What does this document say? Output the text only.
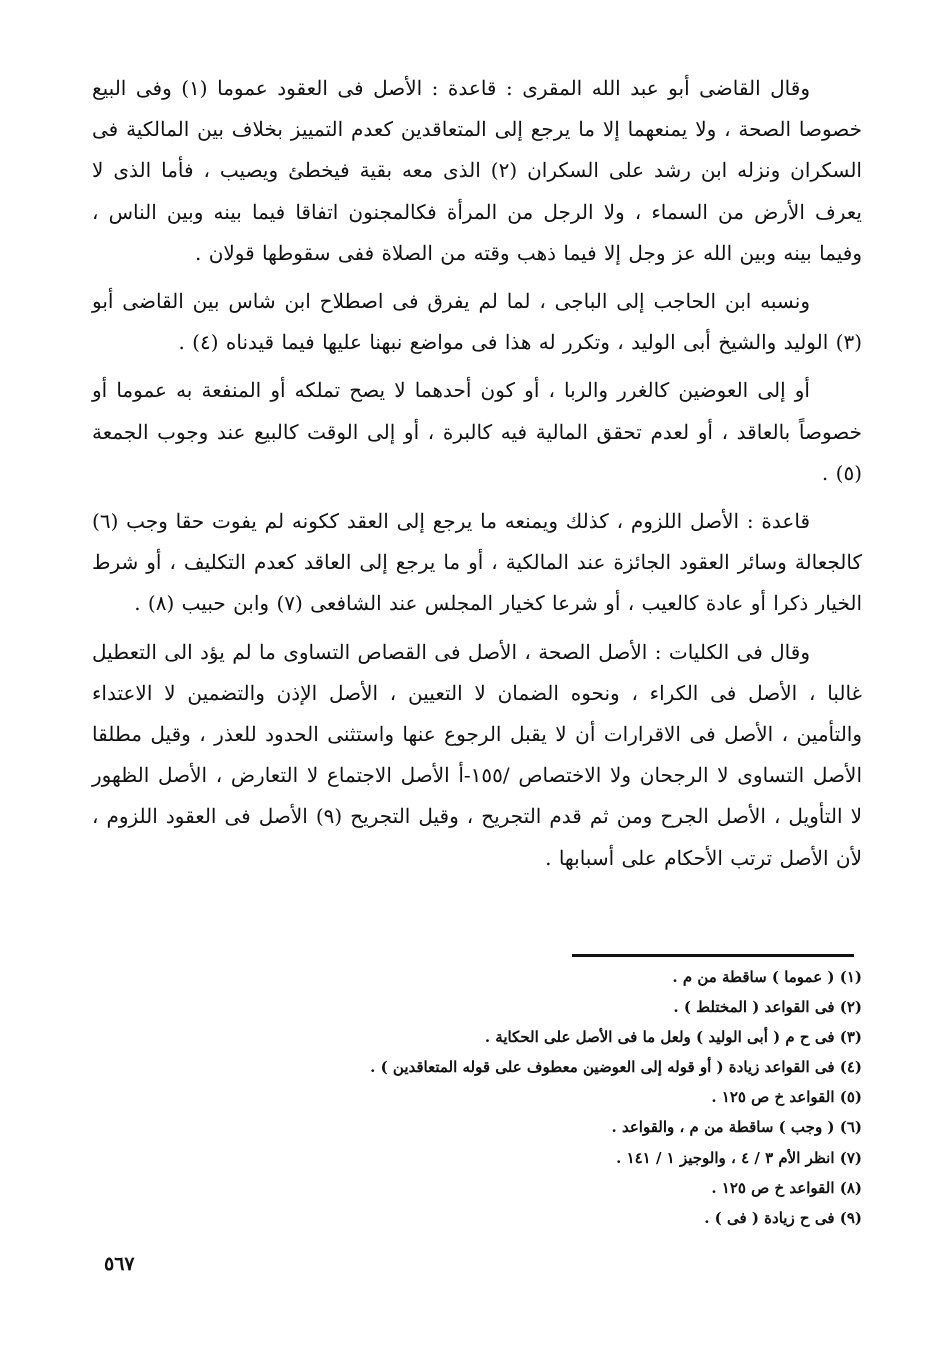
وقال القاضى أبو عبد الله المقرى : قاعدة : الأصل فى العقود عموما (١) وفى البيع خصوصا الصحة ، ولا يمنعهما إلا ما يرجع إلى المتعاقدين كعدم التمييز بخلاف بين المالكية فى السكران ونزله ابن رشد على السكران (٢) الذى معه بقية فيخطئ ويصيب ، فأما الذى لا يعرف الأرض من السماء ، ولا الرجل من المرأة فكالمجنون اتفاقا فيما بينه وبين الناس ، وفيما بينه وبين الله عز وجل إلا فيما ذهب وقته من الصلاة ففى سقوطها قولان .

ونسبه ابن الحاجب إلى الباجى ، لما لم يفرق فى اصطلاح ابن شاس بين القاضى أبو (٣) الوليد والشيخ أبى الوليد ، وتكرر له هذا فى مواضع نبهنا عليها فيما قيدناه (٤) .

أو إلى العوضين كالغرر والربا ، أو كون أحدهما لا يصح تملكه أو المنفعة به عموما أو خصوصاً بالعاقد ، أو لعدم تحقق المالية فيه كالبرة ، أو إلى الوقت كالبيع عند وجوب الجمعة (٥) .

قاعدة : الأصل اللزوم ، كذلك ويمنعه ما يرجع إلى العقد ككونه لم يفوت حقا وجب (٦) كالجعالة وسائر العقود الجائزة عند المالكية ، أو ما يرجع إلى العاقد كعدم التكليف ، أو شرط الخيار ذكرا أو عادة كالعيب ، أو شرعا كخيار المجلس عند الشافعى (٧) وابن حبيب (٨) .

وقال فى الكليات : الأصل الصحة ، الأصل فى القصاص التساوى ما لم يؤد الى التعطيل غالبا ، الأصل فى الكراء ، ونحوه الضمان لا التعيين ، الأصل الإذن والتضمين لا الاعتداء والتأمين ، الأصل فى الاقرارات أن لا يقبل الرجوع عنها واستثنى الحدود للعذر ، وقيل مطلقا الأصل التساوى لا الرجحان ولا الاختصاص /١٥٥-أ الأصل الاجتماع لا التعارض ، الأصل الظهور لا التأويل ، الأصل الجرح ومن ثم قدم التجريح ، وقيل التجريح (٩) الأصل فى العقود اللزوم ، لأن الأصل ترتب الأحكام على أسبابها .

(١) ( عموما ) ساقطة من م .
(٢) فى القواعد ( المختلط ) .
(٣) فى ح م ( أبى الوليد ) ولعل ما فى الأصل على الحكاية .
(٤) فى القواعد زيادة ( أو قوله إلى العوضين معطوف على قوله المتعاقدين ) .
(٥) القواعد خ ص ١٢٥ .
(٦) ( وجب ) ساقطة من م ، والقواعد .
(٧) انظر الأم ٣ / ٤ ، والوجيز ١ / ١٤١ .
(٨) القواعد خ ص ١٢٥ .
(٩) فى ح زيادة ( فى ) .
٥٦٧
